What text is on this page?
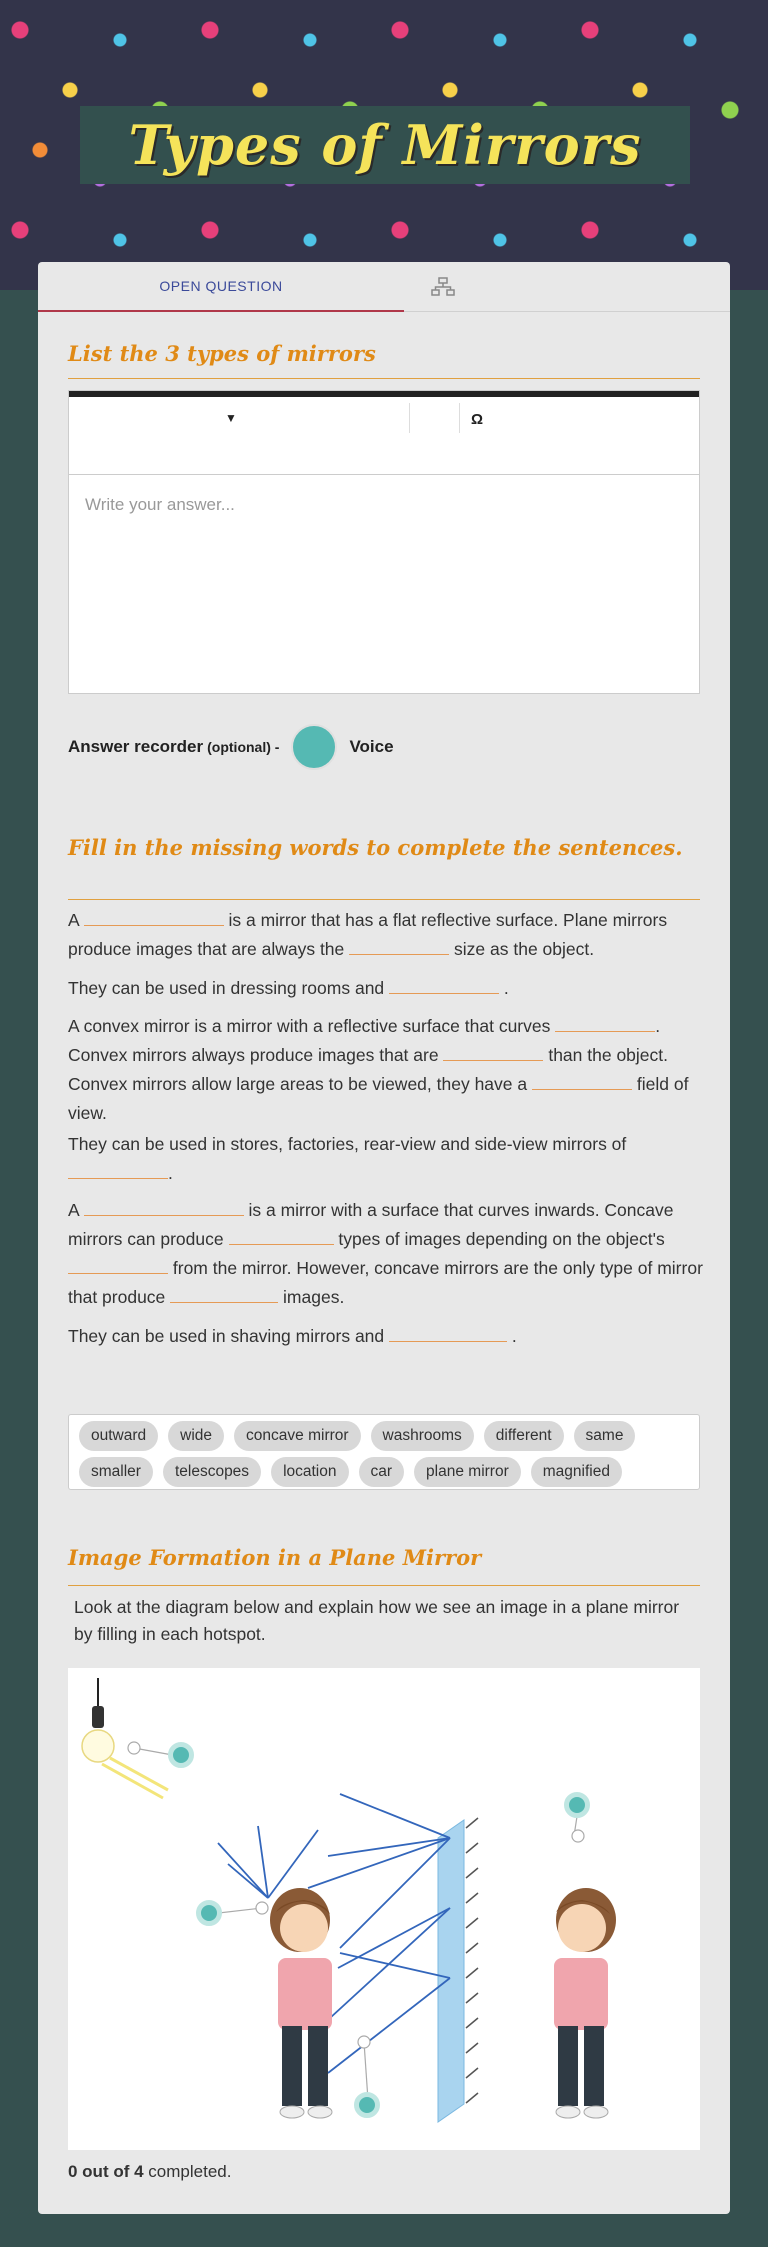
Types of Mirrors
OPEN QUESTION
List the 3 types of mirrors
▼	Ω
Write your answer...
Answer recorder (optional) -	Voice
Fill in the missing words to complete the sentences.
A	is a mirror that has a flat reflective surface. Plane mirrors produce images that are always the	size as the object.
They can be used in dressing rooms and	.
A convex mirror is a mirror with a reflective surface that curves	. Convex mirrors always produce images that are	than the object. Convex mirrors allow large areas to be viewed, they have a	field of view.
They can be used in stores, factories, rear-view and side-view mirrors of .
A	is a mirror with a surface that curves inwards. Concave mirrors can produce	types of images depending on the object's  from the mirror. However, concave mirrors are the only type of mirror that produce	images.
They can be used in shaving mirrors and	.
outward	wide	concave mirror	washrooms	different	same
smaller	telescopes	location	car	plane mirror	magnified
Image Formation in a Plane Mirror
Look at the diagram below and explain how we see an image in a plane mirror by filling in each hotspot.
0 out of 4 completed.
